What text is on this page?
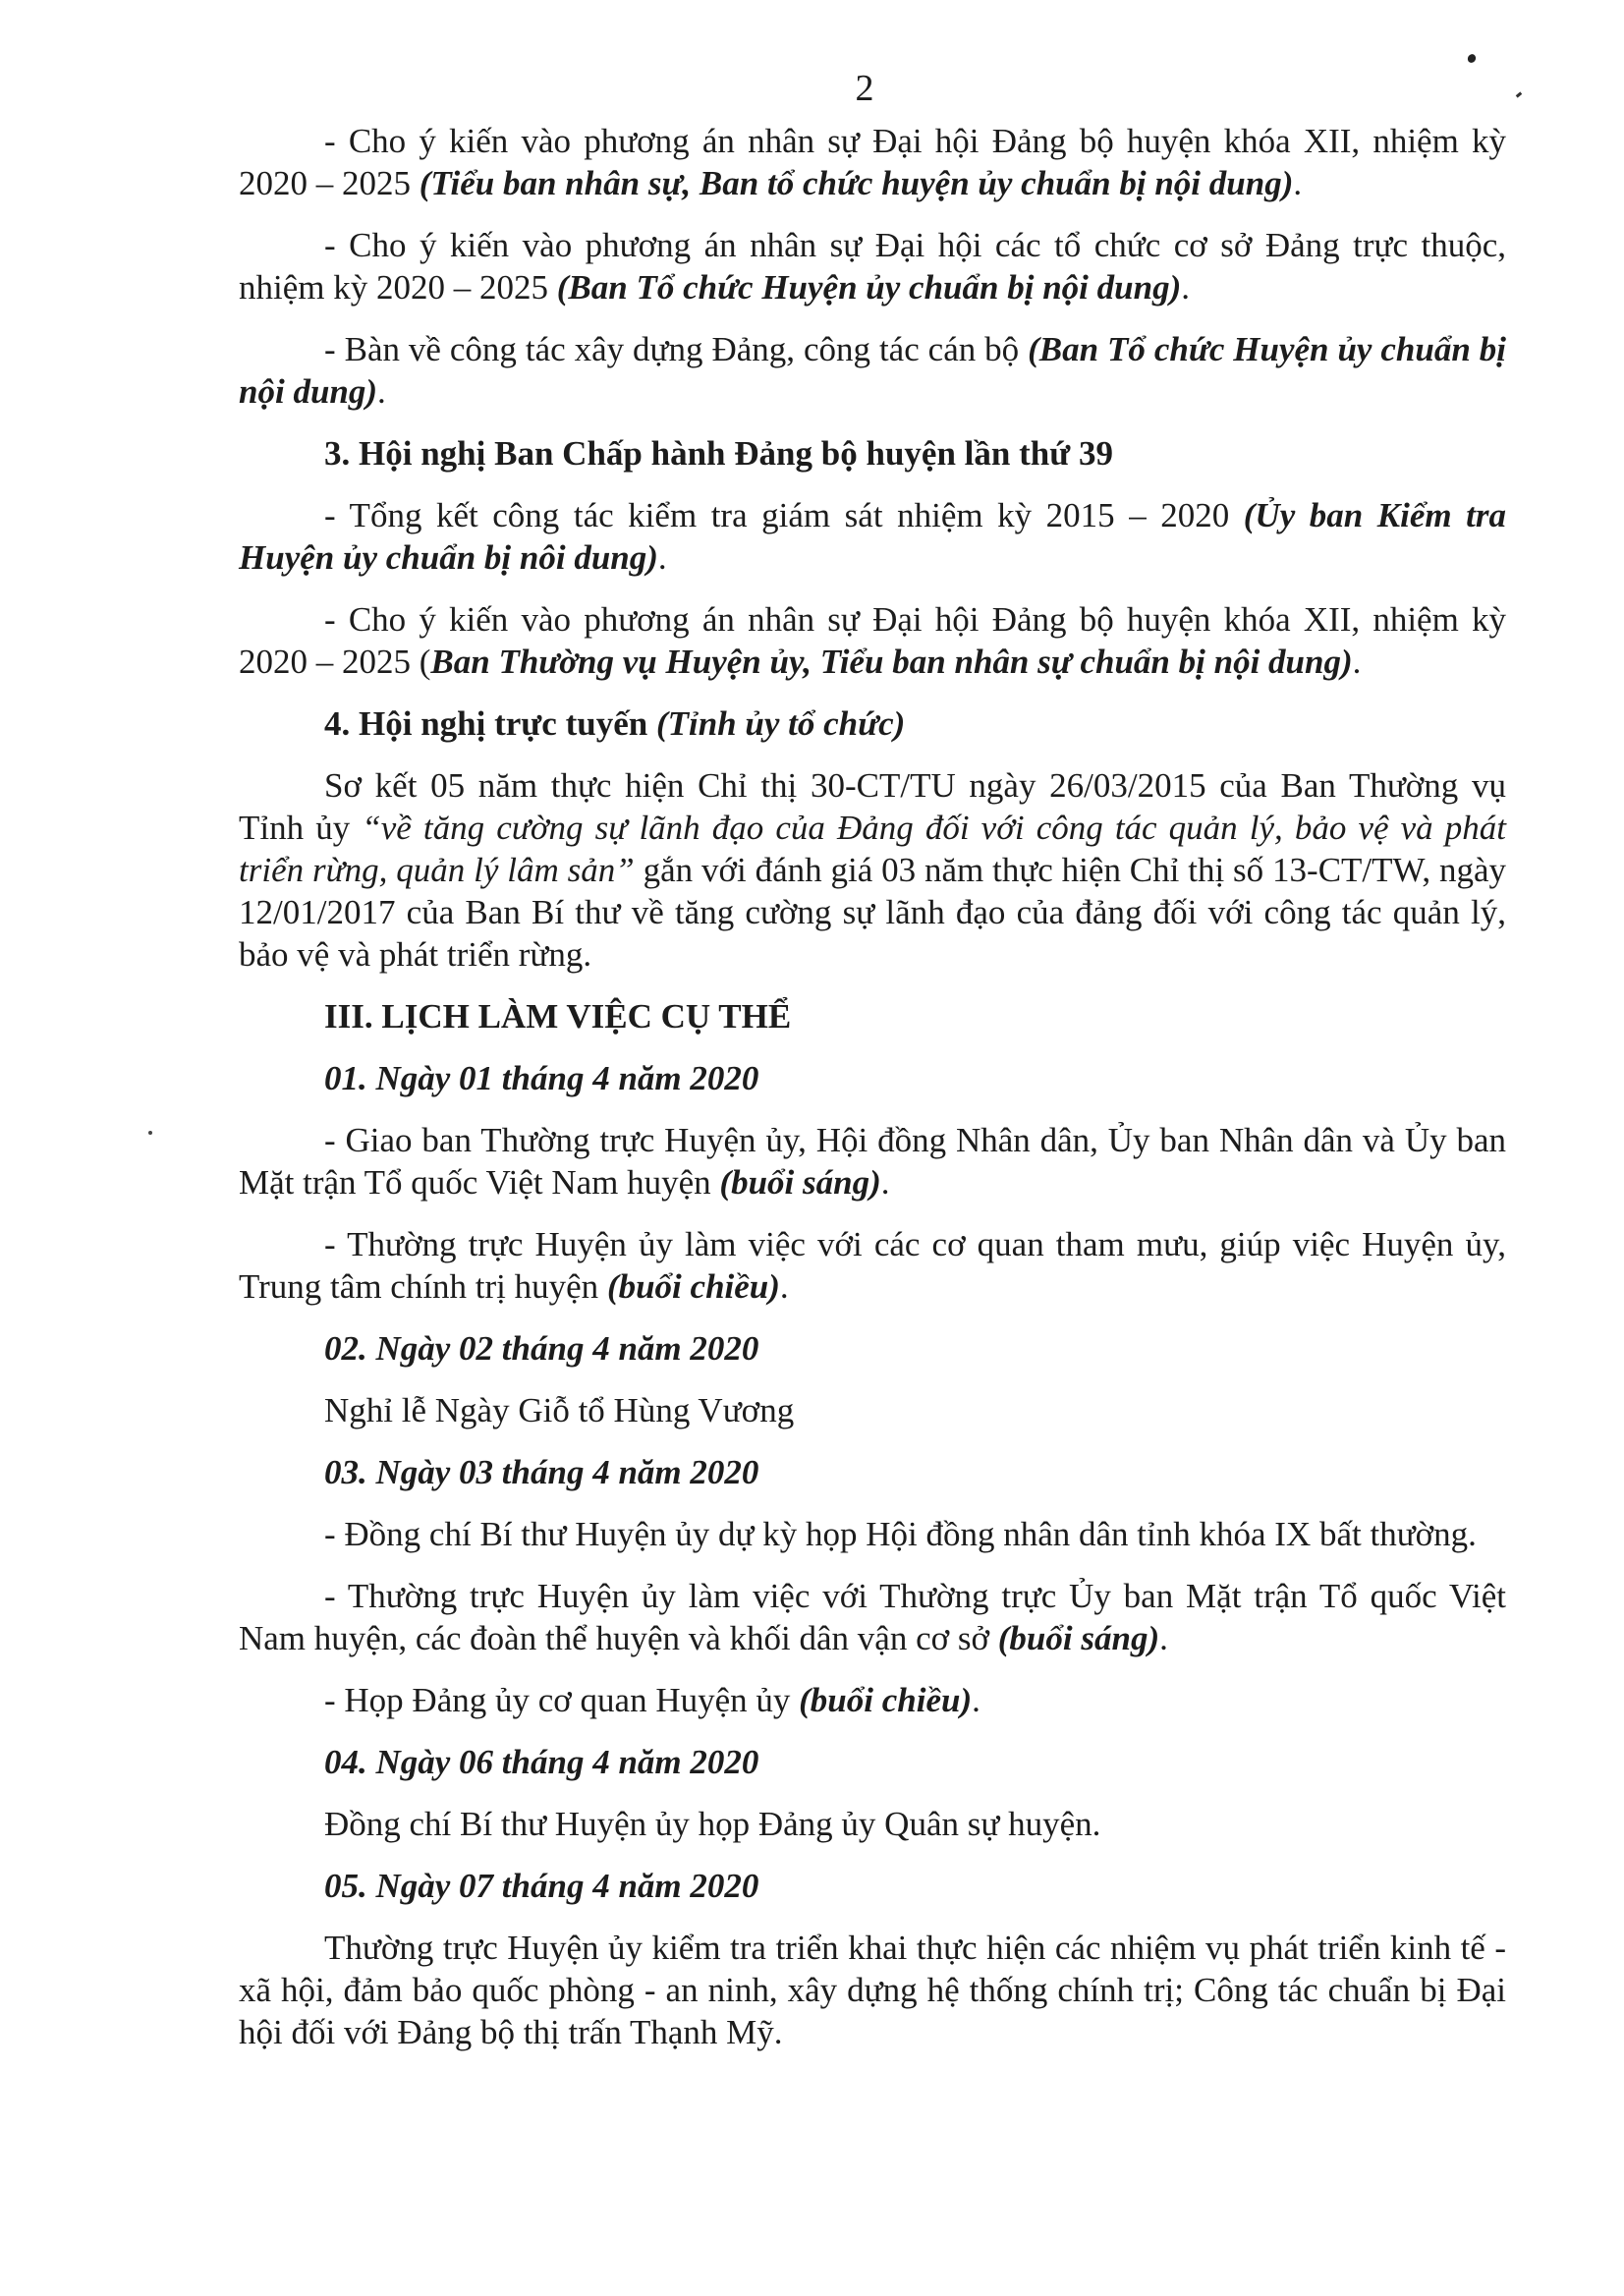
2

- Cho ý kiến vào phương án nhân sự Đại hội Đảng bộ huyện khóa XII, nhiệm kỳ 2020 – 2025 (Tiểu ban nhân sự, Ban tổ chức huyện ủy chuẩn bị nội dung).

- Cho ý kiến vào phương án nhân sự Đại hội các tổ chức cơ sở Đảng trực thuộc, nhiệm kỳ 2020 – 2025 (Ban Tổ chức Huyện ủy chuẩn bị nội dung).

- Bàn về công tác xây dựng Đảng, công tác cán bộ (Ban Tổ chức Huyện ủy chuẩn bị nội dung).

3. Hội nghị Ban Chấp hành Đảng bộ huyện lần thứ 39

- Tổng kết công tác kiểm tra giám sát nhiệm kỳ 2015 – 2020 (Ủy ban Kiểm tra Huyện ủy chuẩn bị nôi dung).

- Cho ý kiến vào phương án nhân sự Đại hội Đảng bộ huyện khóa XII, nhiệm kỳ 2020 – 2025 (Ban Thường vụ Huyện ủy, Tiểu ban nhân sự chuẩn bị nội dung).

4. Hội nghị trực tuyến (Tỉnh ủy tổ chức)

Sơ kết 05 năm thực hiện Chỉ thị 30-CT/TU ngày 26/03/2015 của Ban Thường vụ Tỉnh ủy “về tăng cường sự lãnh đạo của Đảng đối với công tác quản lý, bảo vệ và phát triển rừng, quản lý lâm sản” gắn với đánh giá 03 năm thực hiện Chỉ thị số 13-CT/TW, ngày 12/01/2017 của Ban Bí thư về tăng cường sự lãnh đạo của đảng đối với công tác quản lý, bảo vệ và phát triển rừng.

III. LỊCH LÀM VIỆC CỤ THỂ

01. Ngày 01 tháng 4 năm 2020

- Giao ban Thường trực Huyện ủy, Hội đồng Nhân dân, Ủy ban Nhân dân và Ủy ban Mặt trận Tổ quốc Việt Nam huyện (buổi sáng).

- Thường trực Huyện ủy làm việc với các cơ quan tham mưu, giúp việc Huyện ủy, Trung tâm chính trị huyện (buổi chiều).

02. Ngày 02 tháng 4 năm 2020

Nghỉ lễ Ngày Giỗ tổ Hùng Vương

03. Ngày 03 tháng 4 năm 2020

- Đồng chí Bí thư Huyện ủy dự kỳ họp Hội đồng nhân dân tỉnh khóa IX bất thường.

- Thường trực Huyện ủy làm việc với Thường trực Ủy ban Mặt trận Tổ quốc Việt Nam huyện, các đoàn thể huyện và khối dân vận cơ sở (buổi sáng).

- Họp Đảng ủy cơ quan Huyện ủy (buổi chiều).

04. Ngày 06 tháng 4 năm 2020

Đồng chí Bí thư Huyện ủy họp Đảng ủy Quân sự huyện.

05. Ngày 07 tháng 4 năm 2020

Thường trực Huyện ủy kiểm tra triển khai thực hiện các nhiệm vụ phát triển kinh tế - xã hội, đảm bảo quốc phòng - an ninh, xây dựng hệ thống chính trị; Công tác chuẩn bị Đại hội đối với Đảng bộ thị trấn Thạnh Mỹ.
